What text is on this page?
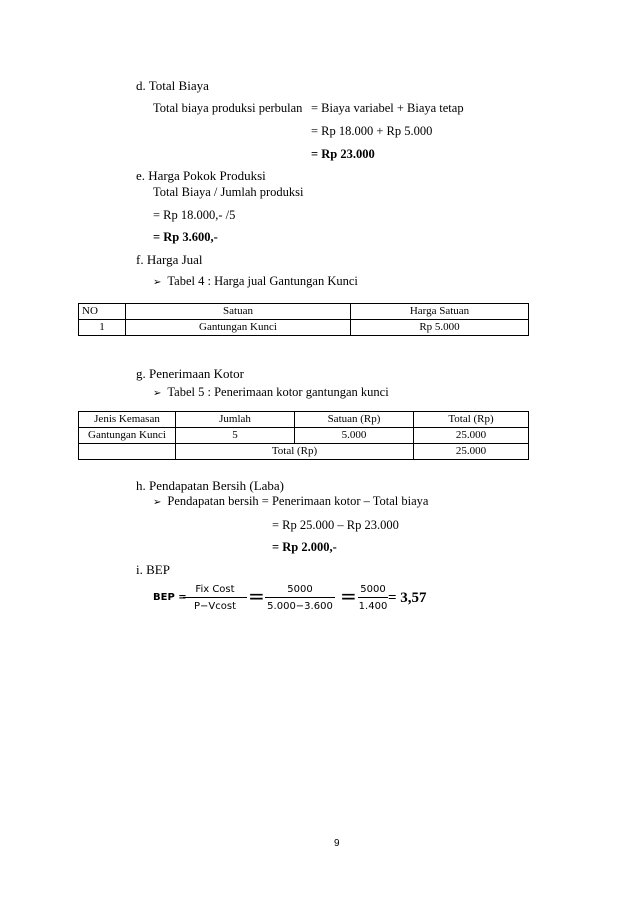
d. Total Biaya
Total biaya produksi perbulan = Biaya variabel + Biaya tetap
= Rp 18.000 + Rp 5.000
= Rp 23.000
e. Harga Pokok Produksi
Total Biaya / Jumlah produksi
= Rp 18.000,- /5
= Rp 3.600,-
f. Harga Jual
➢ Tabel 4 : Harga jual Gantungan Kunci
NO	Satuan	Harga Satuan
1	Gantungan Kunci	Rp 5.000
g. Penerimaan Kotor
➢ Tabel 5 : Penerimaan kotor gantungan kunci
Jenis Kemasan	Jumlah	Satuan (Rp)	Total (Rp)
Gantungan Kunci	5	5.000	25.000
	Total (Rp)		25.000
h. Pendapatan Bersih (Laba)
➢ Pendapatan bersih = Penerimaan kotor – Total biaya
= Rp 25.000 – Rp 23.000
= Rp 2.000,-
i. BEP
BEP =
Fix Cost
P−Vcost =	5000
5.000−3.600 = 5000
1.400
= 3,57
9
